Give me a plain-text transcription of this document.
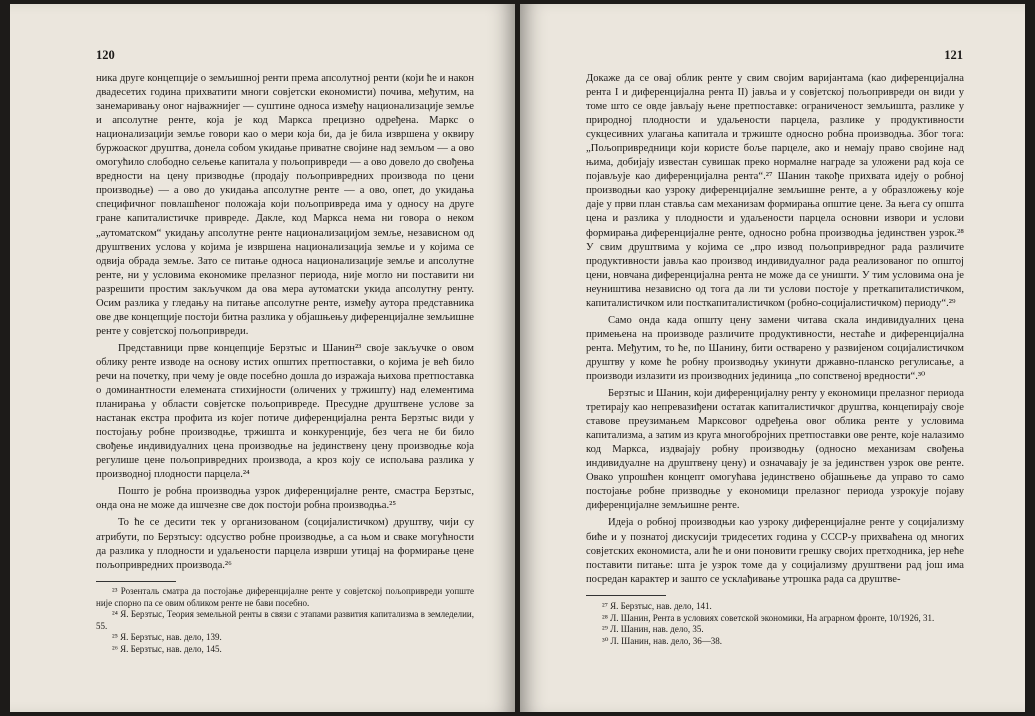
120

ника друге концепције о земљишној ренти према апсолутној ренти (који ће и након двадесетих година прихватити многи совјетски економисти) почива, међутим, на занемаривању оног најважнијег — суштине односа између национализације земље и апсолутне ренте, која је код Маркса прецизно одређена. Маркс о национализацији земље говори као о мери која би, да је била извршена у оквиру буржоаског друштва, донела собом укидање приватне својине над земљом — а ово омогућило слободно сељење капитала у пољопривреди — а ово довело до свођења вредности на цену призводње (продају пољопривредних производа по цени производње) — а ово до укидања апсолутне ренте — а ово, опет, до укидања специфичног повлашћеног положаја који пољопривреда има у односу на друге гране капиталистичке привреде. Дакле, код Маркса нема ни говора о неком „аутоматском“ укидању апсолутне ренте национализацијом земље, независном од друштвених услова у којима је извршена национализација земље и у којима се одвија обрада земље. Зато се питање односа национализације земље и апсолутне ренте, ни у условима економике прелазног периода, није могло ни поставити ни разрешити простим закључком да ова мера аутоматски укида апсолутну ренту. Осим разлика у гледању на питање апсолутне ренте, између аутора представника ове две концепције постоји битна разлика у објашњењу диференцијалне земљишне ренте у совјетској пољопривреди.

Представници прве концепције Берзтыс и Шанин²³ своје закључке о овом облику ренте изводе на основу истих општих претпоставки, о којима је већ било речи на почетку, при чему је овде посебно дошла до изражаја њихова претпоставка о доминантности елемената стихијности (оличених у тржишту) над елементима планирања у области совјетске пољопривреде. Пресудне друштвене услове за настанак екстра профита из којег потиче диференцијална рента Берзтыс види у постојању робне производње, тржишта и конкуренције, без чега не би било свођење индивидуалних цена производње на јединствену цену производње која регулише цене пољопривредних производа, а кроз коју се испољава разлика у производној плодности парцела.²⁴

Пошто је робна производња узрок диференцијалне ренте, смастра Берзтыс, онда она не може да ишчезне све док постоји робна производња.²⁵

То ће се десити тек у организованом (социјалистичком) друштву, чији су атрибути, по Берзтысу: одсуство робне производње, а са њом и сваке могућности да разлика у плодности и удаљености парцела изврши утицај на формирање цене пољопривредних производа.²⁶

²³ Розенталь сматра да постојање диференцијалне ренте у совјетској пољопривреди уопште није спорно па се овим обликом ренте не бави посебно.

²⁴ Я. Берзтыс, Теория земельной ренты в связи с этапами развития капитализма в земледелии, 55.

²⁵ Я. Берзтыс, нав. дело, 139.

²⁶ Я. Берзтыс, нав. дело, 145.

121

Докаже да се овај облик ренте у свим својим варијантама (као диференцијална рента I и диференцијална рента II) јавља и у совјетској пољопривреди он види у томе што се овде јављају њене претпоставке: ограниченост земљишта, разлике у природној плодности и удаљености парцела, разлике у продуктивности сукцесивних улагања капитала и тржиште односно робна производња. Због тога: „Пољопривредници који користе боље парцеле, ако и немају право својине над њима, добијају известан сувишак преко нормалне награде за уложени рад која се појављује као диференцијална рента“.²⁷ Шанин такође прихвата идеју о робној производњи као узроку диференцијалне земљишне ренте, а у образложењу које даје у први план ставља сам механизам формирања општие цене. За њега су општа цена и разлика у плодности и удаљености парцела основни извори и услови формирања диференцијалне ренте, односно робна производња јединствен узрок.²⁸ У свим друштвима у којима се „про извод пољопривредног рада различите продуктивности јавља као производ индивидуалног рада реализованог по општој цени, новчана диференцијална рента не може да се уништи. У тим условима она је неуништива независно од тога да ли ти услови постоје у преткапиталистичком, капиталистичком или посткапиталистичком (робно-социјалистичком) периоду“.²⁹

Само онда када општу цену замени читава скала индивидуалних цена примењена на производе различите продуктивности, нестаће и диференцијална рента. Међутим, то ће, по Шанину, бити остварено у развијеном социјалистичком друштву у коме ће робну производњу укинути државно-планско регулисање, а производи излазити из производних јединица „по сопственој вредности“.³⁰

Берзтыс и Шанин, који диференцијалну ренту у економици прелазног периода третирају као непревазиђени остатак капиталистичког друштва, концепирају своје ставове преузимањем Марксовог одређења овог облика ренте у условима капитализма, а затим из круга многобројних претпоставки ове ренте, које налазимо код Маркса, издвајају робну производњу (односно механизам свођења индивидуалне на друштвену цену) и означавају је за јединствен узрок ове ренте. Овако упрошћен концепт омогућава јединствено објашњење да управо то само постојање робне призводње у економици прелазног периода узрокује појаву диференцијалне земљишне ренте.

Идеја о робној производњи као узроку диференцијалне ренте у социјализму биће и у познатој дискусији тридесетих година у СССР-у прихваћена од многих совјетских економиста, али ће и они поновити грешку својих претходника, јер неће поставити питање: шта је узрок томе да у социјализму друштвени рад још има посредан карактер и зашто се усклађивање утрошка рада са друштве-

²⁷ Я. Берзтыс, нав. дело, 141.

²⁸ Л. Шанин, Рента в условиях советской экономики, На аграрном фронте, 10/1926, 31.

²⁹ Л. Шанин, нав. дело, 35.

³⁰ Л. Шанин, нав. дело, 36—38.
